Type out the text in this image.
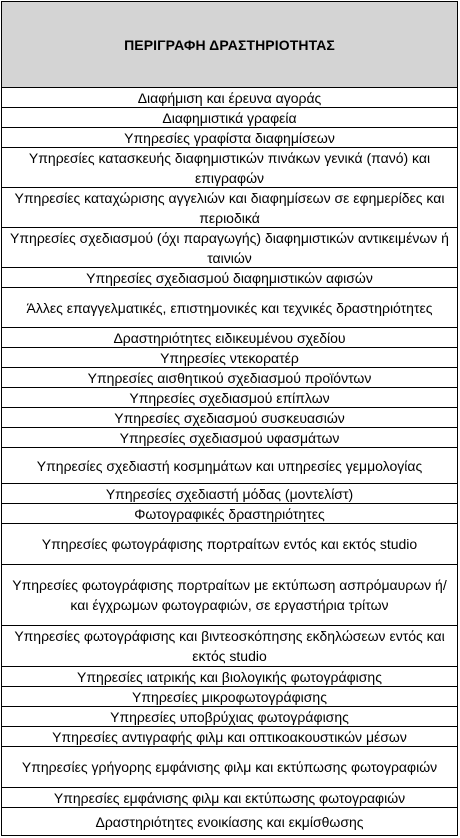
ΠΕΡΙΓΡΑΦΗ ΔΡΑΣΤΗΡΙΟΤΗΤΑΣ
Διαφήμιση και έρευνα αγοράς
Διαφημιστικά γραφεία
Υπηρεσίες γραφίστα διαφημίσεων
Υπηρεσίες κατασκευής διαφημιστικών πινάκων γενικά (πανό) και επιγραφών
Υπηρεσίες καταχώρισης αγγελιών και διαφημίσεων σε εφημερίδες και περιοδικά
Υπηρεσίες σχεδιασμού (όχι παραγωγής) διαφημιστικών αντικειμένων ή ταινιών
Υπηρεσίες σχεδιασμού διαφημιστικών αφισών
Άλλες επαγγελματικές, επιστημονικές και τεχνικές δραστηριότητες
Δραστηριότητες ειδικευμένου σχεδίου
Υπηρεσίες ντεκορατέρ
Υπηρεσίες αισθητικού σχεδιασμού προϊόντων
Υπηρεσίες σχεδιασμού επίπλων
Υπηρεσίες σχεδιασμού συσκευασιών
Υπηρεσίες σχεδιασμού υφασμάτων
Υπηρεσίες σχεδιαστή κοσμημάτων και υπηρεσίες γεμμολογίας
Υπηρεσίες σχεδιαστή μόδας (μοντελίστ)
Φωτογραφικές δραστηριότητες
Υπηρεσίες φωτογράφισης πορτραίτων εντός και εκτός studio
Υπηρεσίες φωτογράφισης πορτραίτων με εκτύπωση ασπρόμαυρων ή/και έγχρωμων φωτογραφιών, σε εργαστήρια τρίτων
Υπηρεσίες φωτογράφισης και βιντεοσκόπησης εκδηλώσεων εντός και εκτός studio
Υπηρεσίες ιατρικής και βιολογικής φωτογράφισης
Υπηρεσίες μικροφωτογράφισης
Υπηρεσίες υποβρύχιας φωτογράφισης
Υπηρεσίες αντιγραφής φιλμ και οπτικοακουστικών μέσων
Υπηρεσίες γρήγορης εμφάνισης φιλμ και εκτύπωσης φωτογραφιών
Υπηρεσίες εμφάνισης φιλμ και εκτύπωσης φωτογραφιών
Δραστηριότητες ενοικίασης και εκμίσθωσης
